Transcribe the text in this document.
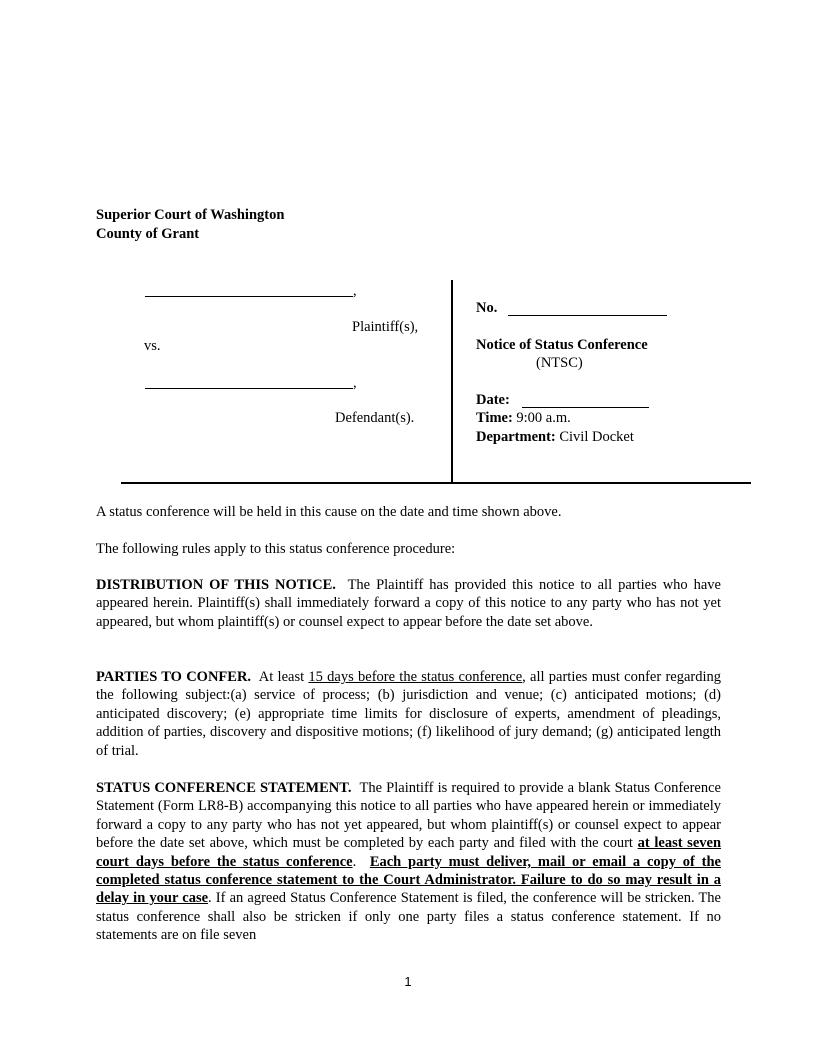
Superior Court of Washington
County of Grant
,
Plaintiff(s),
vs.
,
Defendant(s).
No.
Notice of Status Conference
(NTSC)
Date:
Time: 9:00 a.m.
Department: Civil Docket

A status conference will be held in this cause on the date and time shown above.

The following rules apply to this status conference procedure:

DISTRIBUTION OF THIS NOTICE. The Plaintiff has provided this notice to all parties who have appeared herein. Plaintiff(s) shall immediately forward a copy of this notice to any party who has not yet appeared, but whom plaintiff(s) or counsel expect to appear before the date set above.

PARTIES TO CONFER. At least 15 days before the status conference, all parties must confer regarding the following subject:(a) service of process; (b) jurisdiction and venue; (c) anticipated motions; (d) anticipated discovery; (e) appropriate time limits for disclosure of experts, amendment of pleadings, addition of parties, discovery and dispositive motions; (f) likelihood of jury demand; (g) anticipated length of trial.

STATUS CONFERENCE STATEMENT. The Plaintiff is required to provide a blank Status Conference Statement (Form LR8-B) accompanying this notice to all parties who have appeared herein or immediately forward a copy to any party who has not yet appeared, but whom plaintiff(s) or counsel expect to appear before the date set above, which must be completed by each party and filed with the court at least seven court days before the status conference. Each party must deliver, mail or email a copy of the completed status conference statement to the Court Administrator. Failure to do so may result in a delay in your case. If an agreed Status Conference Statement is filed, the conference will be stricken. The status conference shall also be stricken if only one party files a status conference statement. If no statements are on file seven

1
